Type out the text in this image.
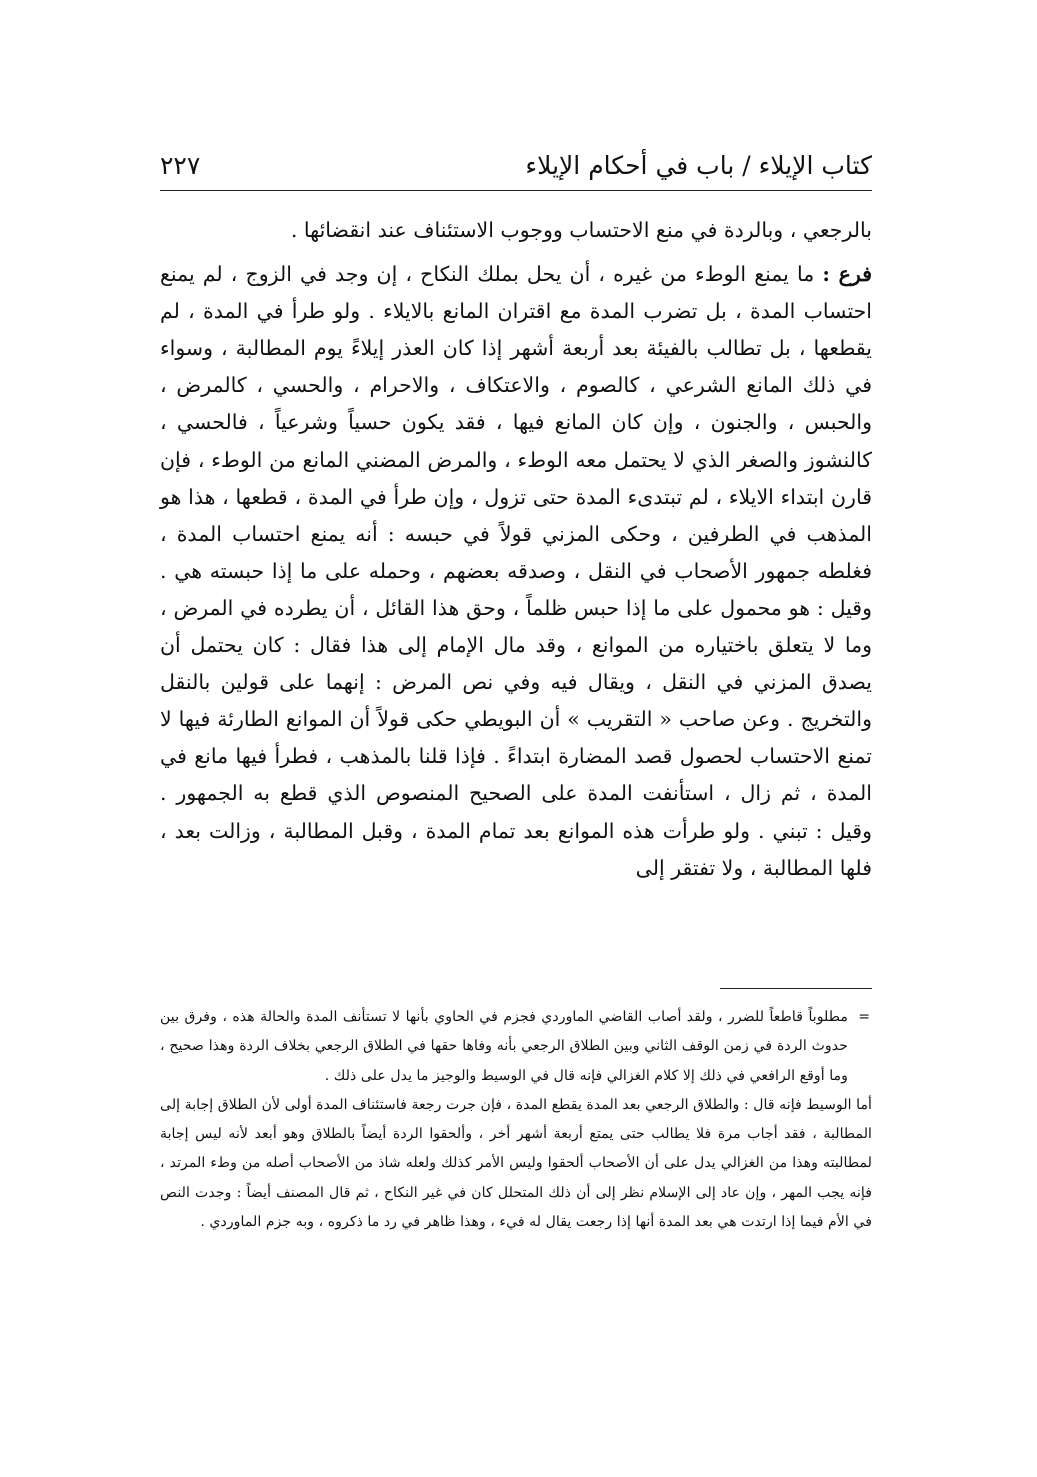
كتاب الإيلاء / باب في أحكام الإيلاء
٢٢٧

بالرجعي ، وبالردة في منع الاحتساب ووجوب الاستئناف عند انقضائها .

فرع : ما يمنع الوطء من غيره ، أن يحل بملك النكاح ، إن وجد في الزوج ، لم يمنع احتساب المدة ، بل تضرب المدة مع اقتران المانع بالايلاء . ولو طرأ في المدة ، لم يقطعها ، بل تطالب بالفيئة بعد أربعة أشهر إذا كان العذر إيلاءً يوم المطالبة ، وسواء في ذلك المانع الشرعي ، كالصوم ، والاعتكاف ، والاحرام ، والحسي ، كالمرض ، والحبس ، والجنون ، وإن كان المانع فيها ، فقد يكون حسياً وشرعياً ، فالحسي ، كالنشوز والصغر الذي لا يحتمل معه الوطء ، والمرض المضني المانع من الوطء ، فإن قارن ابتداء الايلاء ، لم تبتدىء المدة حتى تزول ، وإن طرأ في المدة ، قطعها ، هذا هو المذهب في الطرفين ، وحكى المزني قولاً في حبسه : أنه يمنع احتساب المدة ، فغلطه جمهور الأصحاب في النقل ، وصدقه بعضهم ، وحمله على ما إذا حبسته هي . وقيل : هو محمول على ما إذا حبس ظلماً ، وحق هذا القائل ، أن يطرده في المرض ، وما لا يتعلق باختياره من الموانع ، وقد مال الإمام إلى هذا فقال : كان يحتمل أن يصدق المزني في النقل ، ويقال فيه وفي نص المرض : إنهما على قولين بالنقل والتخريج . وعن صاحب « التقريب » أن البويطي حكى قولاً أن الموانع الطارئة فيها لا تمنع الاحتساب لحصول قصد المضارة ابتداءً . فإذا قلنا بالمذهب ، فطرأ فيها مانع في المدة ، ثم زال ، استأنفت المدة على الصحيح المنصوص الذي قطع به الجمهور . وقيل : تبني . ولو طرأت هذه الموانع بعد تمام المدة ، وقبل المطالبة ، وزالت بعد ، فلها المطالبة ، ولا تفتقر إلى

=
مطلوباً قاطعاً للضرر ، ولقد أصاب القاضي الماوردي فجزم في الحاوي بأنها لا تستأنف المدة والحالة هذه ، وفرق بين حدوث الردة في زمن الوقف الثاني وبين الطلاق الرجعي بأنه وفاها حقها في الطلاق الرجعي بخلاف الردة وهذا صحيح ، وما أوقع الرافعي في ذلك إلا كلام الغزالي فإنه قال في الوسيط والوجيز ما يدل على ذلك .

أما الوسيط فإنه قال : والطلاق الرجعي بعد المدة يقطع المدة ، فإن جرت رجعة فاستئناف المدة أولى لأن الطلاق إجابة إلى المطالبة ، فقد أجاب مرة فلا يطالب حتى يمتع أربعة أشهر أخر ، وألحقوا الردة أيضاً بالطلاق وهو أبعد لأنه ليس إجابة لمطالبته وهذا من الغزالي يدل على أن الأصحاب ألحقوا وليس الأمر كذلك ولعله شاذ من الأصحاب أصله من وطء المرتد ، فإنه يجب المهر ، وإن عاد إلى الإسلام نظر إلى أن ذلك المتحلل كان في غير النكاح ، ثم قال المصنف أيضاً : وجدت النص في الأم فيما إذا ارتدت هي بعد المدة أنها إذا رجعت يقال له فيء ، وهذا ظاهر في رد ما ذكروه ، وبه جزم الماوردي .
